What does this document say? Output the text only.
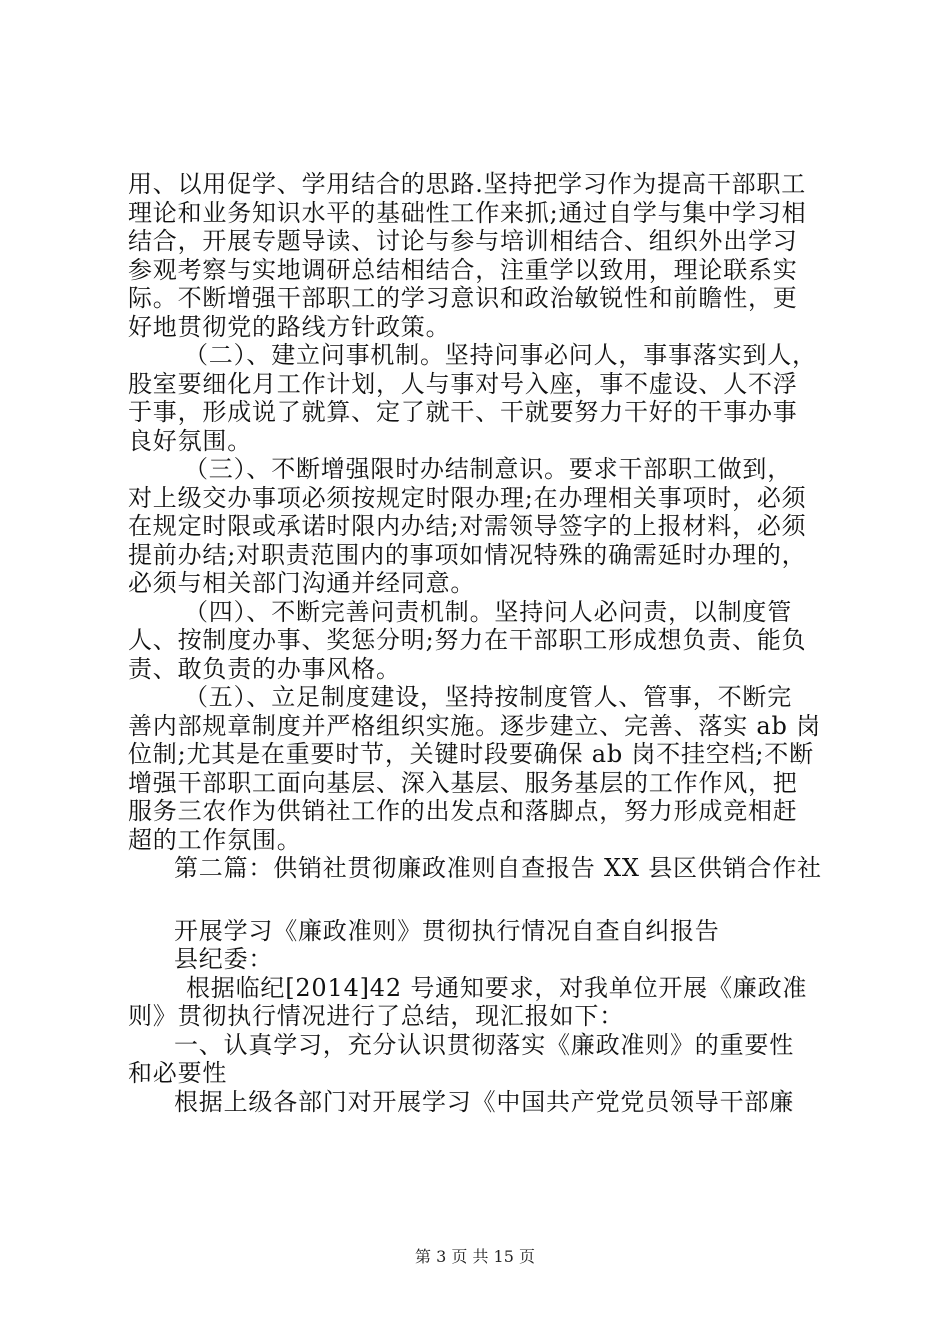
用、以用促学、学用结合的思路.坚持把学习作为提高干部职工
理论和业务知识水平的基础性工作来抓;通过自学与集中学习相
结合，开展专题导读、讨论与参与培训相结合、组织外出学习
参观考察与实地调研总结相结合，注重学以致用，理论联系实
际。不断增强干部职工的学习意识和政治敏锐性和前瞻性，更
好地贯彻党的路线方针政策。
（二）、建立问事机制。坚持问事必问人，事事落实到人，
股室要细化月工作计划，人与事对号入座，事不虚设、人不浮
于事，形成说了就算、定了就干、干就要努力干好的干事办事
良好氛围。
（三）、不断增强限时办结制意识。要求干部职工做到，
对上级交办事项必须按规定时限办理;在办理相关事项时，必须
在规定时限或承诺时限内办结;对需领导签字的上报材料，必须
提前办结;对职责范围内的事项如情况特殊的确需延时办理的，
必须与相关部门沟通并经同意。
（四）、不断完善问责机制。坚持问人必问责，以制度管
人、按制度办事、奖惩分明;努力在干部职工形成想负责、能负
责、敢负责的办事风格。
（五）、立足制度建设，坚持按制度管人、管事，不断完
善内部规章制度并严格组织实施。逐步建立、完善、落实 ab 岗
位制;尤其是在重要时节，关键时段要确保 ab 岗不挂空档;不断
增强干部职工面向基层、深入基层、服务基层的工作作风，把
服务三农作为供销社工作的出发点和落脚点，努力形成竞相赶
超的工作氛围。
第二篇：供销社贯彻廉政准则自查报告 XX 县区供销合作社
开展学习《廉政准则》贯彻执行情况自查自纠报告
县纪委：
根据临纪[2014]42 号通知要求，对我单位开展《廉政准
则》贯彻执行情况进行了总结，现汇报如下：
一、认真学习，充分认识贯彻落实《廉政准则》的重要性
和必要性
根据上级各部门对开展学习《中国共产党党员领导干部廉
第 3 页 共 15 页
